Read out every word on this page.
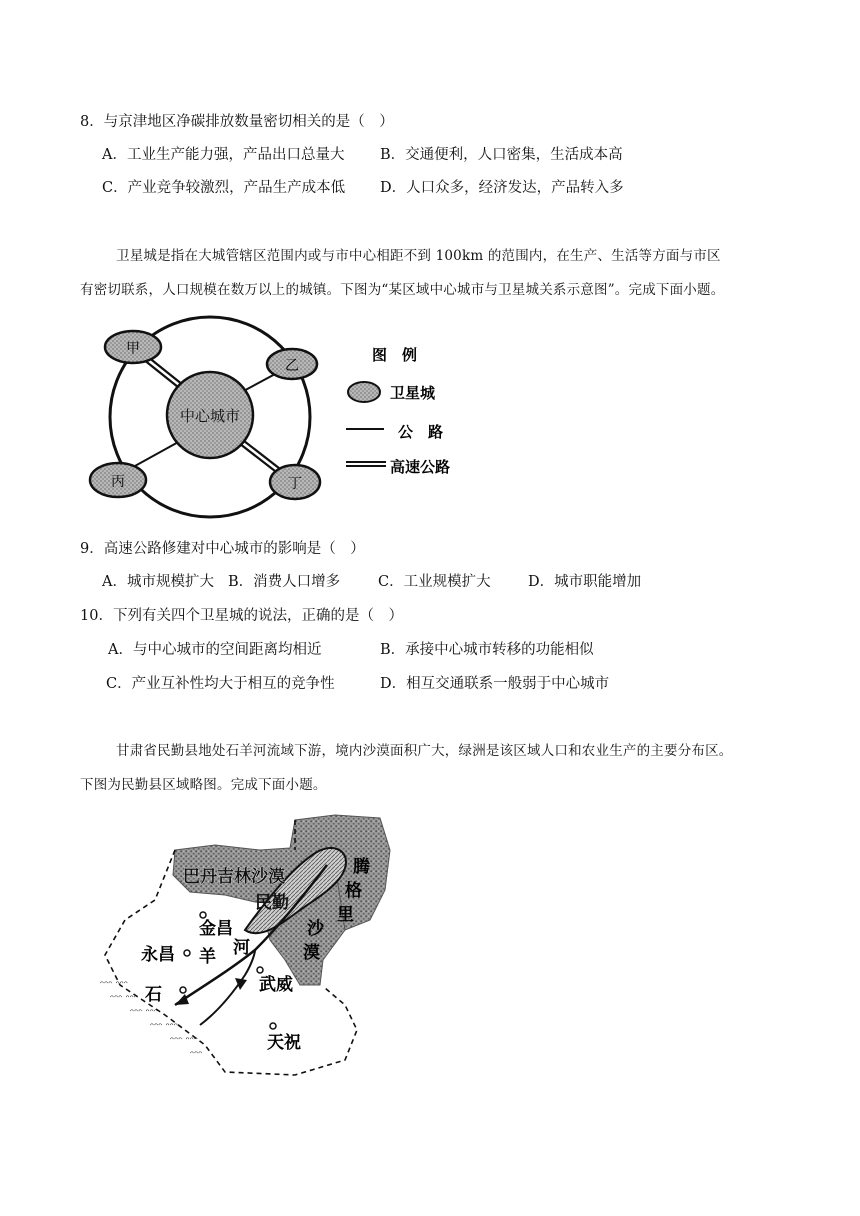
8．与京津地区净碳排放数量密切相关的是（　）
A．工业生产能力强，产品出口总量大 B．交通便利，人口密集，生活成本高
C．产业竞争较激烈，产品生产成本低 D．人口众多，经济发达，产品转入多
卫星城是指在大城管辖区范围内或与市中心相距不到 100km 的范围内，在生产、生活等方面与市区
有密切联系，人口规模在数万以上的城镇。下图为“某区域中心城市与卫星城关系示意图”。完成下面小题。
中心城市
甲
乙
丙	丁
图　例
卫星城
公　路
高速公路
9．高速公路修建对中心城市的影响是（　）
A．城市规模扩大 B．消费人口增多	C．工业规模扩大	D．城市职能增加
10．下列有关四个卫星城的说法，正确的是（　）
A．与中心城市的空间距离均相近	B．承接中心城市转移的功能相似
C．产业互补性均大于相互的竞争性	D．相互交通联系一般弱于中心城市
甘肃省民勤县地处石羊河流域下游，境内沙漠面积广大，绿洲是该区域人口和农业生产的主要分布区。
下图为民勤县区域略图。完成下面小题。
ᵔᵔᵔ ᵔᵔᵔ
ᵔᵔᵔ ᵔᵔᵔ
ᵔᵔᵔ ᵔᵔᵔ
ᵔᵔᵔ ᵔᵔᵔ
ᵔᵔᵔ ᵔᵔᵔ
ᵔᵔᵔ
巴丹吉林沙漠
民勤
腾
格
里
沙
漠
金昌
永昌 羊 河
石	武威
天祝
